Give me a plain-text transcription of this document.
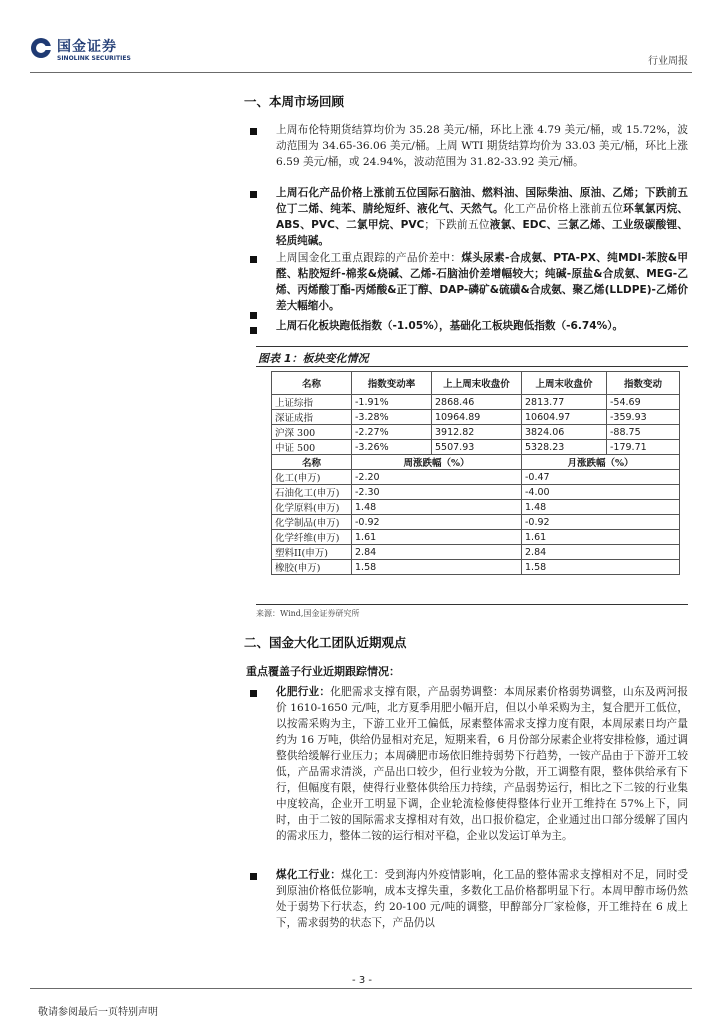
国金证券
SINOLINK SECURITIES	行业周报
一、本周市场回顾
上周布伦特期货结算均价为 35.28 美元/桶，环比上涨 4.79 美元/桶，或 15.72%，波动范围为 34.65-36.06 美元/桶。上周 WTI 期货结算均价为 33.03 美元/桶，环比上涨 6.59 美元/桶，或 24.94%，波动范围为 31.82-33.92 美元/桶。
上周石化产品价格上涨前五位国际石脑油、燃料油、国际柴油、原油、乙烯；下跌前五位丁二烯、纯苯、腈纶短纤、液化气、天然气。化工产品价格上涨前五位环氧氯丙烷、ABS、PVC、二氯甲烷、PVC；下跌前五位液氯、EDC、三氯乙烯、工业级碳酸锂、轻质纯碱。
上周国金化工重点跟踪的产品价差中：煤头尿素-合成氨、PTA-PX、纯MDI-苯胺&甲醛、粘胶短纤-棉浆&烧碱、乙烯-石脑油价差增幅较大；纯碱-原盐&合成氨、MEG-乙烯、丙烯酸丁酯-丙烯酸&正丁醇、DAP-磷矿&硫磺&合成氨、聚乙烯(LLDPE)-乙烯价差大幅缩小。
上周石化板块跑低指数（-1.05%），基础化工板块跑低指数（-6.74%）。
图表 1：板块变化情况
名称	指数变动率	上上周末收盘价	上周末收盘价	指数变动
上证综指	-1.91%	2868.46	2813.77	-54.69
深证成指	-3.28%	10964.89	10604.97	-359.93
沪深 300	-2.27%	3912.82	3824.06	-88.75
中证 500	-3.26%	5507.93	5328.23	-179.71
名称	周涨跌幅（%）		月涨跌幅（%）	
化工(申万)	-2.20		-0.47	
石油化工(申万)	-2.30		-4.00	
化学原料(申万)	1.48		1.48	
化学制品(申万)	-0.92		-0.92	
化学纤维(申万)	1.61		1.61	
塑料II(申万)	2.84		2.84	
橡胶(申万)	1.58		1.58	
来源：Wind,国金证券研究所
二、国金大化工团队近期观点
重点覆盖子行业近期跟踪情况：
化肥行业：化肥需求支撑有限，产品弱势调整：本周尿素价格弱势调整，山东及两河报价 1610-1650 元/吨，北方夏季用肥小幅开启，但以小单采购为主，复合肥开工低位，以按需采购为主，下游工业开工偏低，尿素整体需求支撑力度有限，本周尿素日均产量约为 16 万吨，供给仍显相对充足，短期来看，6 月份部分尿素企业将安排检修，通过调整供给缓解行业压力；本周磷肥市场依旧维持弱势下行趋势，一铵产品由于下游开工较低，产品需求清淡，产品出口较少，但行业较为分散，开工调整有限，整体供给承有下行，但幅度有限，使得行业整体供给压力持续，产品弱势运行，相比之下二铵的行业集中度较高，企业开工明显下调，企业轮流检修使得整体行业开工维持在 57%上下，同时，由于二铵的国际需求支撑相对有效，出口报价稳定，企业通过出口部分缓解了国内的需求压力，整体二铵的运行相对平稳，企业以发运订单为主。
煤化工行业：煤化工：受到海内外疫情影响，化工品的整体需求支撑相对不足，同时受到原油价格低位影响，成本支撑失重，多数化工品价格都明显下行。本周甲醇市场仍然处于弱势下行状态，约 20-100 元/吨的调整，甲醇部分厂家检修，开工维持在 6 成上下，需求弱势的状态下，产品仍以
- 3 -
敬请参阅最后一页特别声明
